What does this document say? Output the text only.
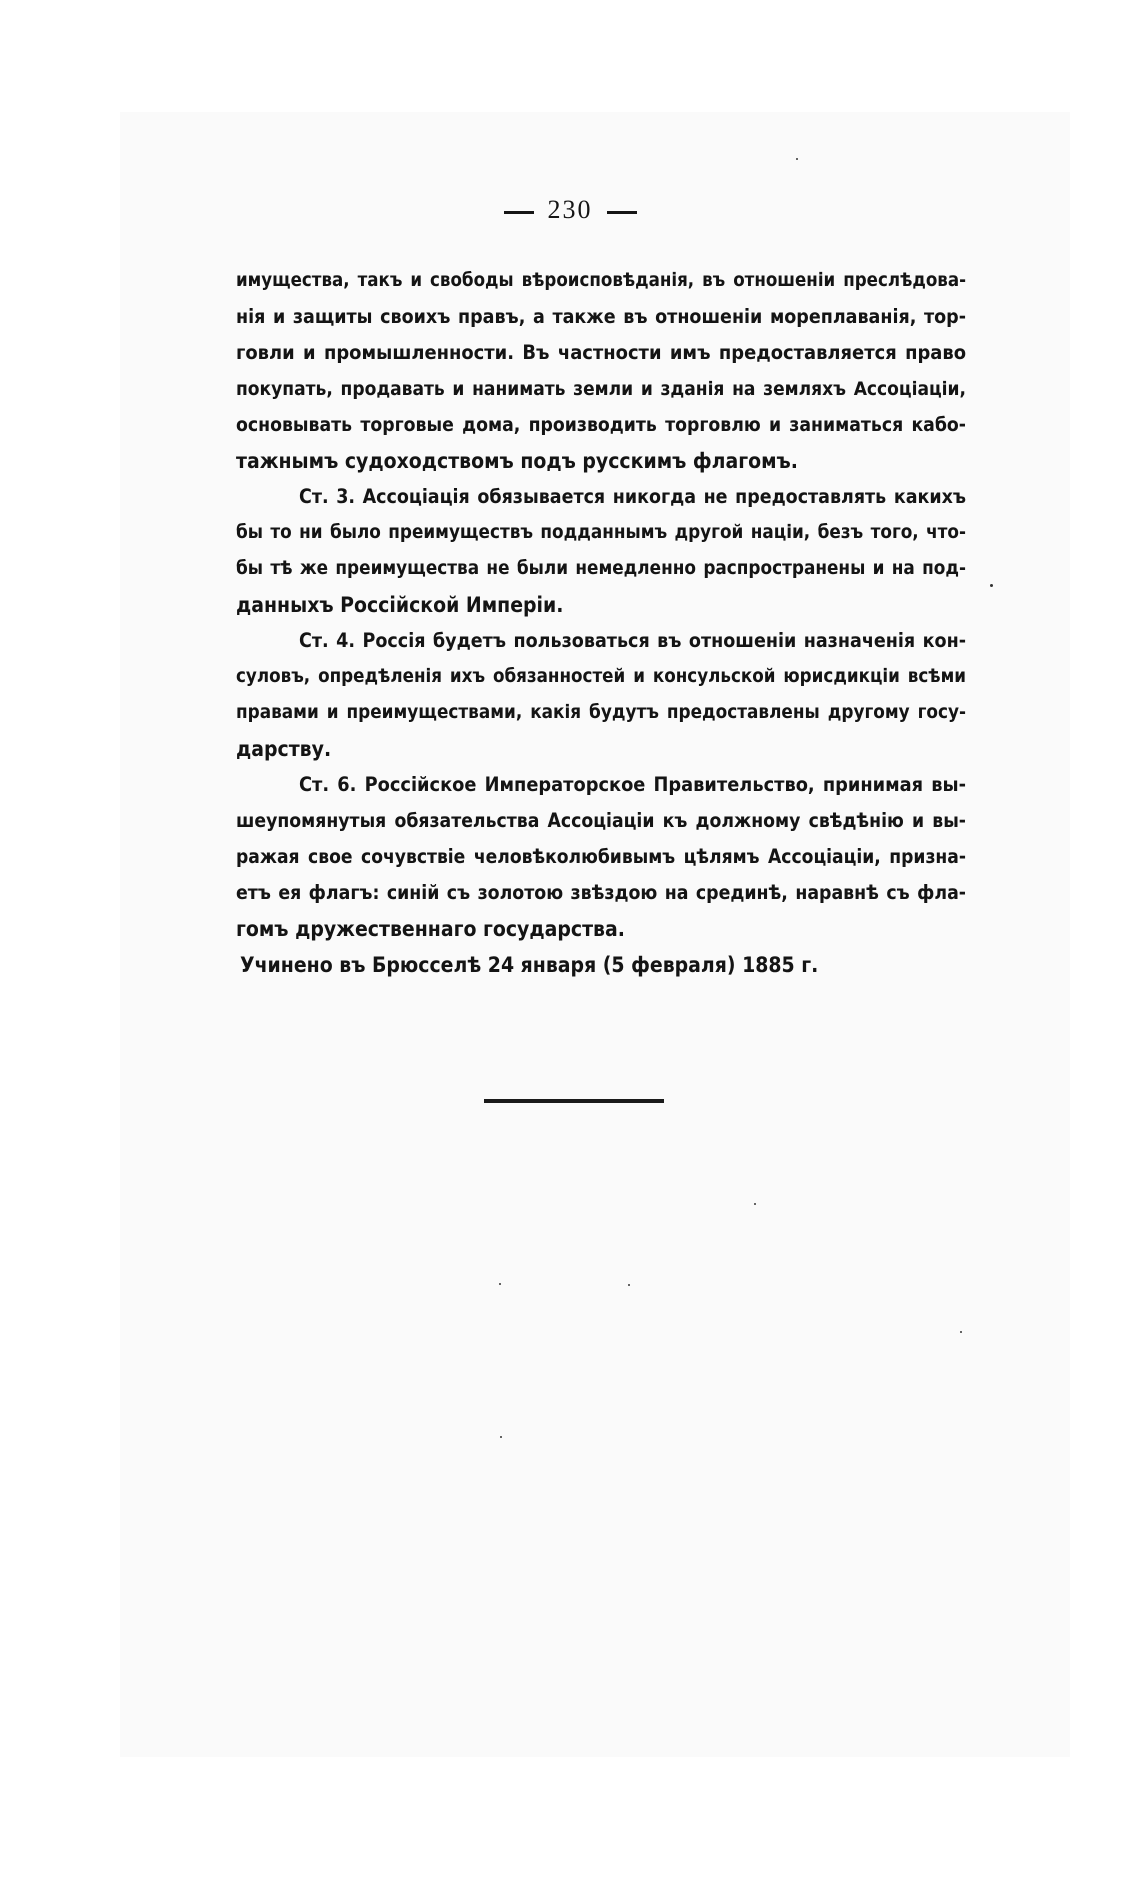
230
имущества, такъ и свободы вѣроисповѣданія, въ отношеніи преслѣдова-
нія и защиты своихъ правъ, а также въ отношеніи мореплаванія, тор-
говли и промышленности. Въ частности имъ предоставляется право
покупать, продавать и нанимать земли и зданія на земляхъ Ассоціаціи,
основывать торговые дома, производить торговлю и заниматься кабо-
тажнымъ судоходствомъ подъ русскимъ флагомъ.
Ст. 3. Ассоціація обязывается никогда не предоставлять какихъ
бы то ни было преимуществъ подданнымъ другой націи, безъ того, что-
бы тѣ же преимущества не были немедленно распространены и на под-
данныхъ Россійской Имперіи.
Ст. 4. Россія будетъ пользоваться въ отношеніи назначенія кон-
суловъ, опредѣленія ихъ обязанностей и консульской юрисдикціи всѣми
правами и преимуществами, какія будутъ предоставлены другому госу-
дарству.
Ст. 6. Россійское Императорское Правительство, принимая вы-
шеупомянутыя обязательства Ассоціаціи къ должному свѣдѣнію и вы-
ражая свое сочувствіе человѣколюбивымъ цѣлямъ Ассоціаціи, призна-
етъ ея флагъ: синій съ золотою звѣздою на срединѣ, наравнѣ съ фла-
гомъ дружественнаго государства.
Учинено въ Брюсселѣ 24 января (5 февраля) 1885 г.
